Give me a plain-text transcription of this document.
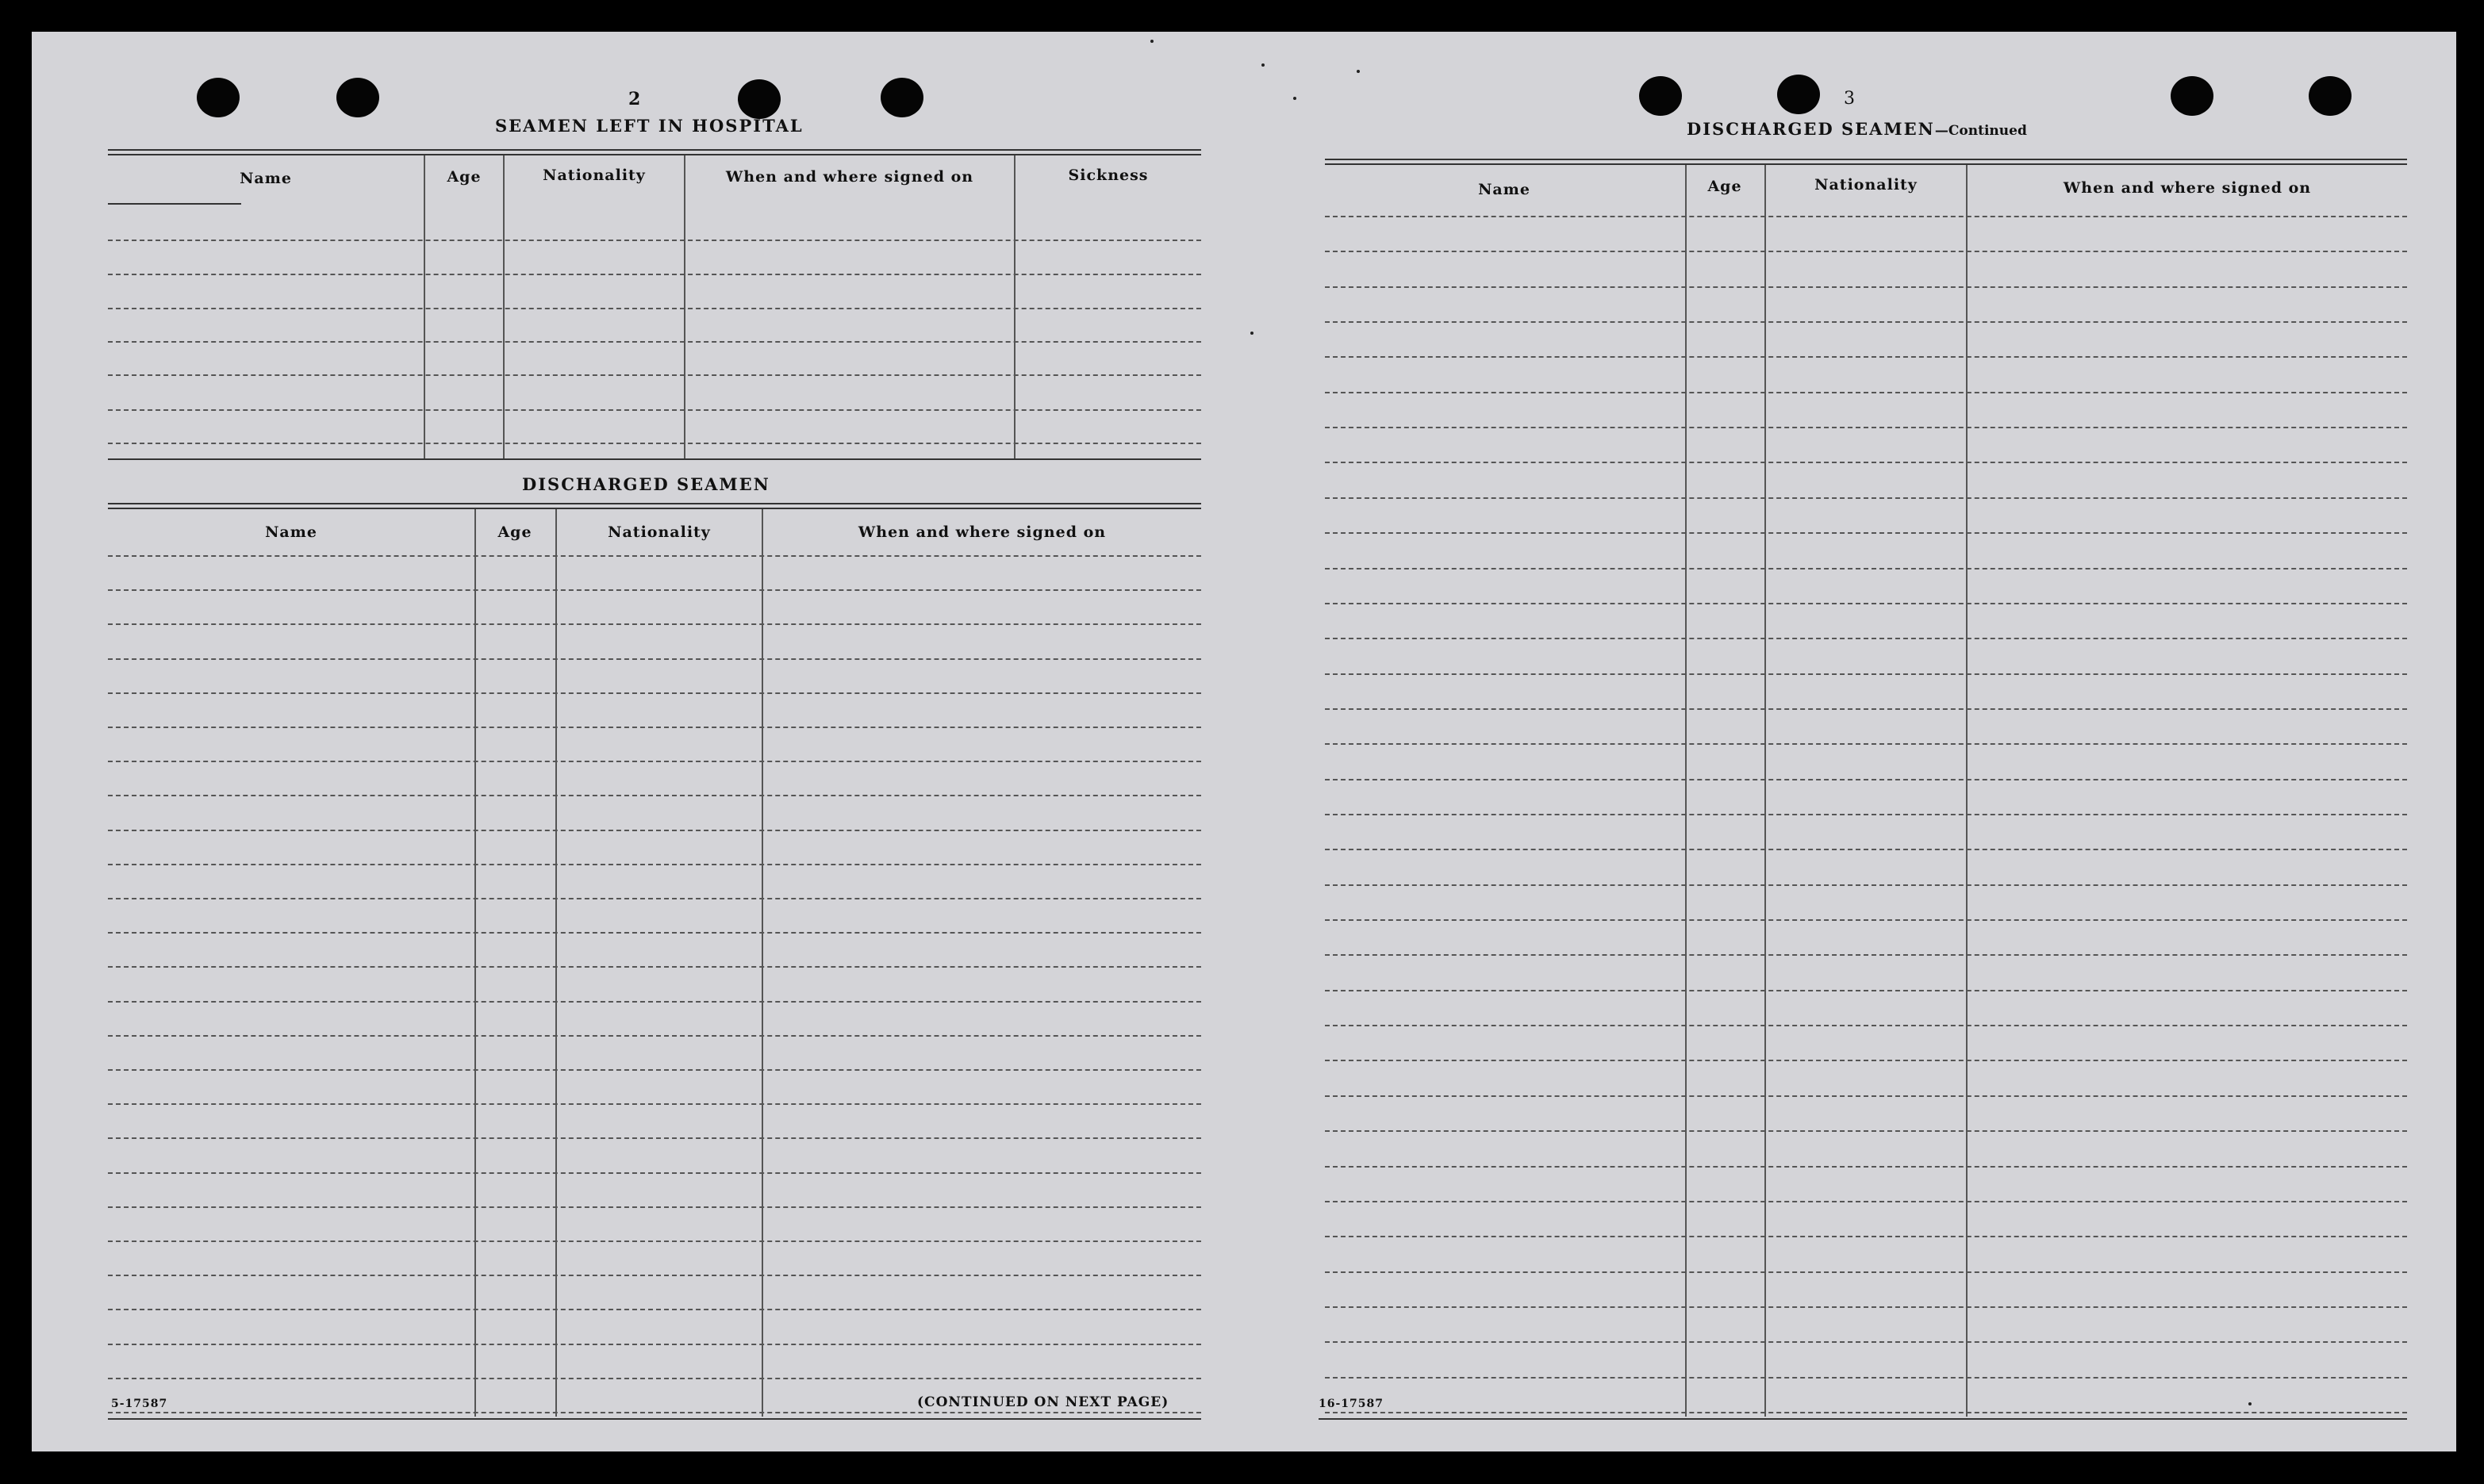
2
SEAMEN LEFT IN HOSPITAL
Name	Age	Nationality	When and where signed on	Sickness
DISCHARGED SEAMEN
Name	Age	Nationality	When and where signed on
5-17587	(CONTINUED ON NEXT PAGE)
3
DISCHARGED SEAMEN—Continued
Name	Age	Nationality	When and where signed on
16-17587
